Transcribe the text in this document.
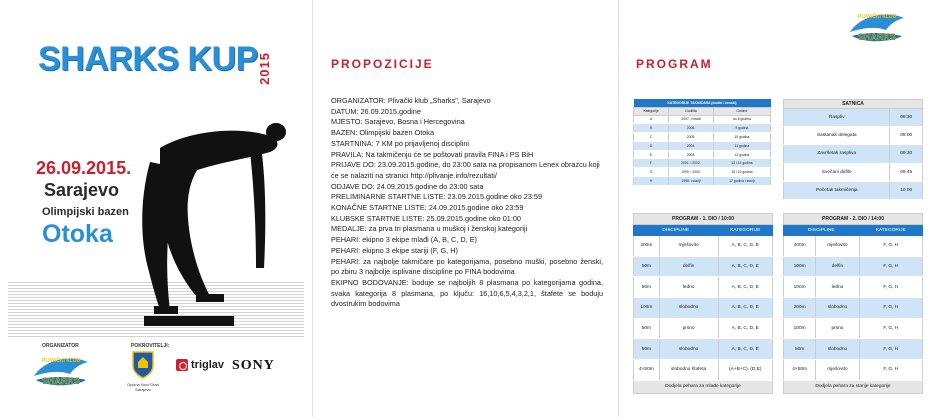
SHARKS KUP 2015
26.09.2015.
Sarajevo
Olimpijski bazen
Otoka
ORGANIZATOR	POKROVITELJI:
PLIVAČKI KLUB
SHARKS	Općina Novi Grad Sarajevo
triglav SONY
PROPOZICIJE

ORGANIZATOR: Plivački klub „Sharks", Sarajevo

DATUM: 26.09.2015.godine

MJESTO: Sarajevo, Bosna i Hercegovina

BAZEN: Olimpijski bazen Otoka

STARTNINA: 7 KM po prijavljenoj disciplini

PRAVILA: Na takmičenju će se poštovati pravila FINA i PS BiH

PRIJAVE DO: 23.09.2015.godine, do 23:00 sata na propisanom Lenex obrazcu koji će se nalaziti na stranici http://plivanje.info/rezultati/

ODJAVE DO: 24.09.2015.godine do 23:00 sata

PRELIMINARNE STARTNE LISTE: 23.09.2015.godine oko 23:59

KONAČNE STARTNE LISTE: 24.09.2015.godine oko 23:59

KLUBSKE STARTNE LISTE: 25.09.2015.godine oko 01:00

MEDALJE: za prva tri plasmana u muškoj i ženskoj kategoriji

PEHARI: ekipno 3 ekipe mlađi (A, B, C, D, E)

PEHARI: ekipno 3 ekipe stariji (F, G, H)

PEHARI: za najbolje takmičare po kategorijama, posebno muški, posebno ženski, po zbiru 3 najbolje isplivane discipline po FINA bodovima

EKIPNO BODOVANJE: boduje se najboljih 8 plasmana po kategorijama godina, svaka kategorija 8 plasmana, po ključu: 16,10,6,5,4,3,2,1, štafete se boduju dvostrukim bodovima

PROGRAM
PLIVAČKI KLUB
SHARKS
KATEGORIJE TAKMIČARA (muški i ženski)		
Kategorije	Godišta	Godine
A	2007. i mlađi	do 8 godina
B	2006.	9 godina
C	2005.	10 godina
D	2004.	11 godina
E	2003.	12 godina
F	2001. i 2002.	13 i 14 godina
G	1999. i 2000.	15 i 16 godina
H	1998. i stariji	17 godina i stariji
SATNICA	
Raspliv	08:30
Sastanak delegata	09:00
Završetak raspliva	09:30
Svečani defile	09:45
Početak takmičenja	10:00
PROGRAM - 1. DIO / 10:00		
DISCIPLINE		KATEGORIJE
200m	mješovito	A, B, C, D, E
50m	delfin	A, B, C, D, E
50m	leđno	A, B, C, D, E
100m	slobodno	A, B, C, D, E
50m	prsno	A, B, C, D, E
50m	slobodno	A, B, C, D, E
4×50m	slobodno štafeta	(A+B+C), (D,E)
Dodjela pehara za mlađe kategorije		
PROGRAM - 2. DIO / 14:00		
DISCIPLINE		KATEGORIJE
400m	mješovito	F, G, H
100m	delfin	F, G, H
100m	leđno	F, G, H
200m	slobodno	F, G, H
100m	prsno	F, G, H
50m	slobodno	F, G, H
4×50m	mješovito	F, G, H
Dodjela pehara za starije kategorije		
